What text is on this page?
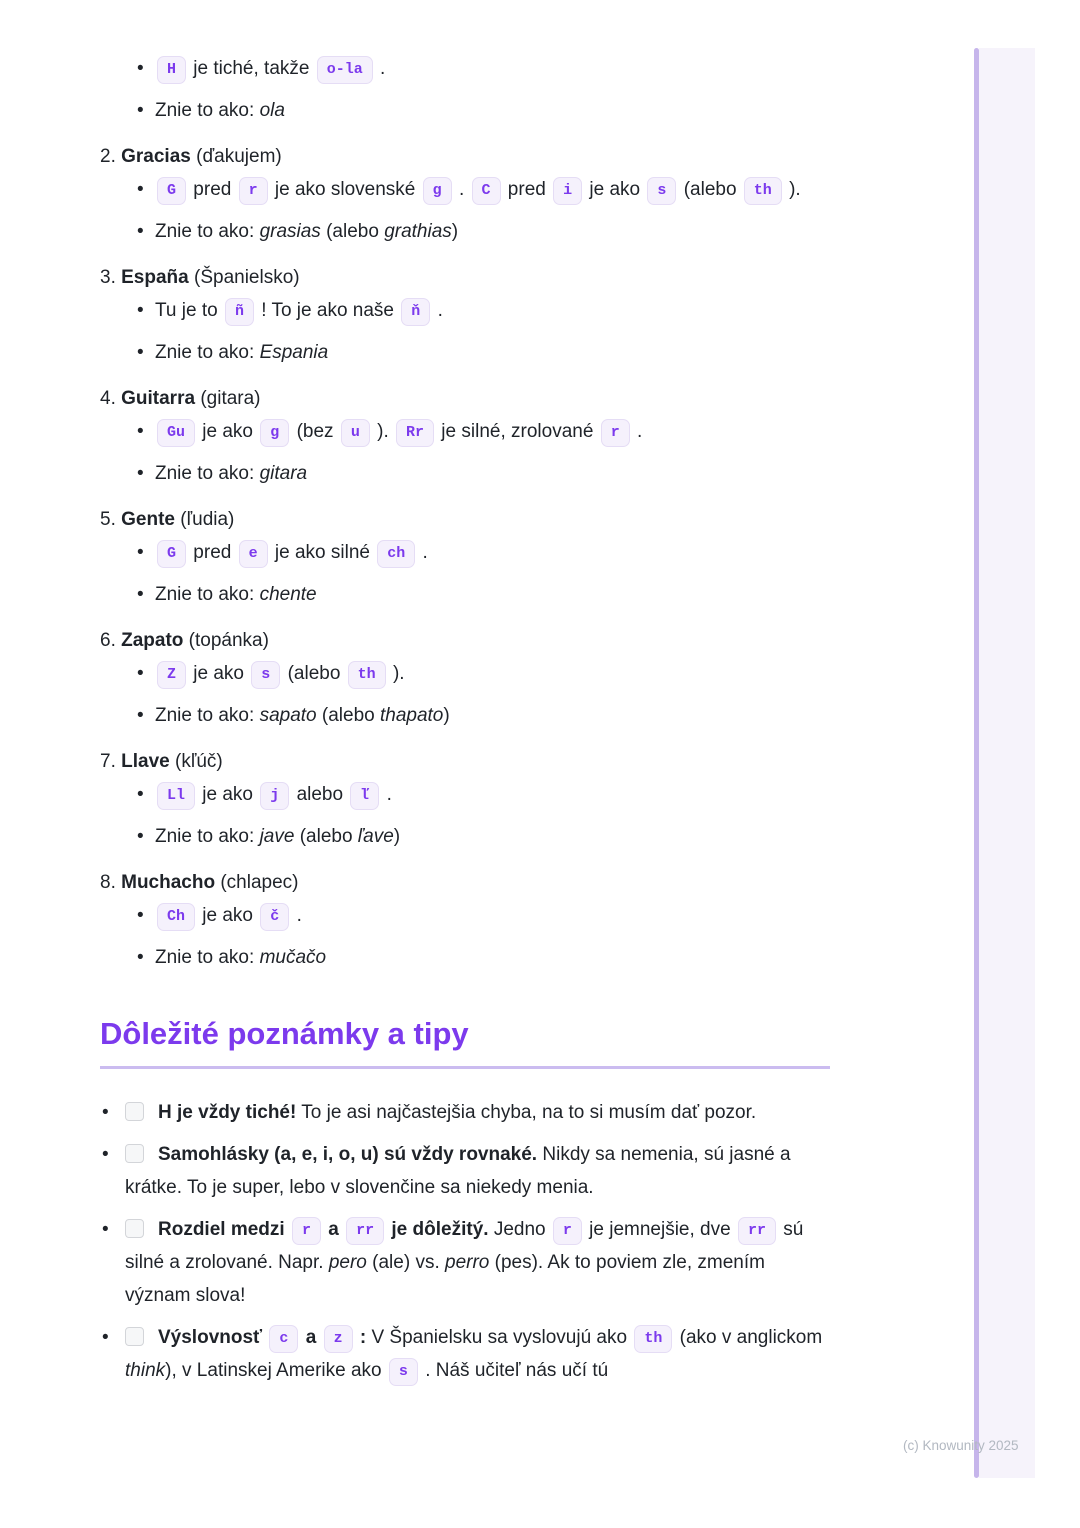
• H je tiché, takže o-la .
• Znie to ako: ola
2. Gracias (ďakujem)
• G pred r je ako slovenské g . C pred i je ako s (alebo th ).
• Znie to ako: grasias (alebo grathias)
3. España (Španielsko)
• Tu je to ñ ! To je ako naše ň .
• Znie to ako: Espania
4. Guitarra (gitara)
• Gu je ako g (bez u ). Rr je silné, zrolované r .
• Znie to ako: gitara
5. Gente (ľudia)
• G pred e je ako silné ch .
• Znie to ako: chente
6. Zapato (topánka)
• Z je ako s (alebo th ).
• Znie to ako: sapato (alebo thapato)
7. Llave (kľúč)
• Ll je ako j alebo ľ .
• Znie to ako: jave (alebo ľave)
8. Muchacho (chlapec)
• Ch je ako č .
• Znie to ako: mučačo
Dôležité poznámky a tipy
• H je vždy tiché! To je asi najčastejšia chyba, na to si musím dať pozor.
• Samohlásky (a, e, i, o, u) sú vždy rovnaké. Nikdy sa nemenia, sú jasné a krátke. To je super, lebo v slovenčine sa niekedy menia.
• Rozdiel medzi r a rr je dôležitý. Jedno r je jemnejšie, dve rr sú silné a zrolované. Napr. pero (ale) vs. perro (pes). Ak to poviem zle, zmením význam slova!
• Výslovnosť c a z : V Španielsku sa vyslovujú ako th (ako v anglickom think), v Latinskej Amerike ako s . Náš učiteľ nás učí tú
(c) Knowunity 2025
